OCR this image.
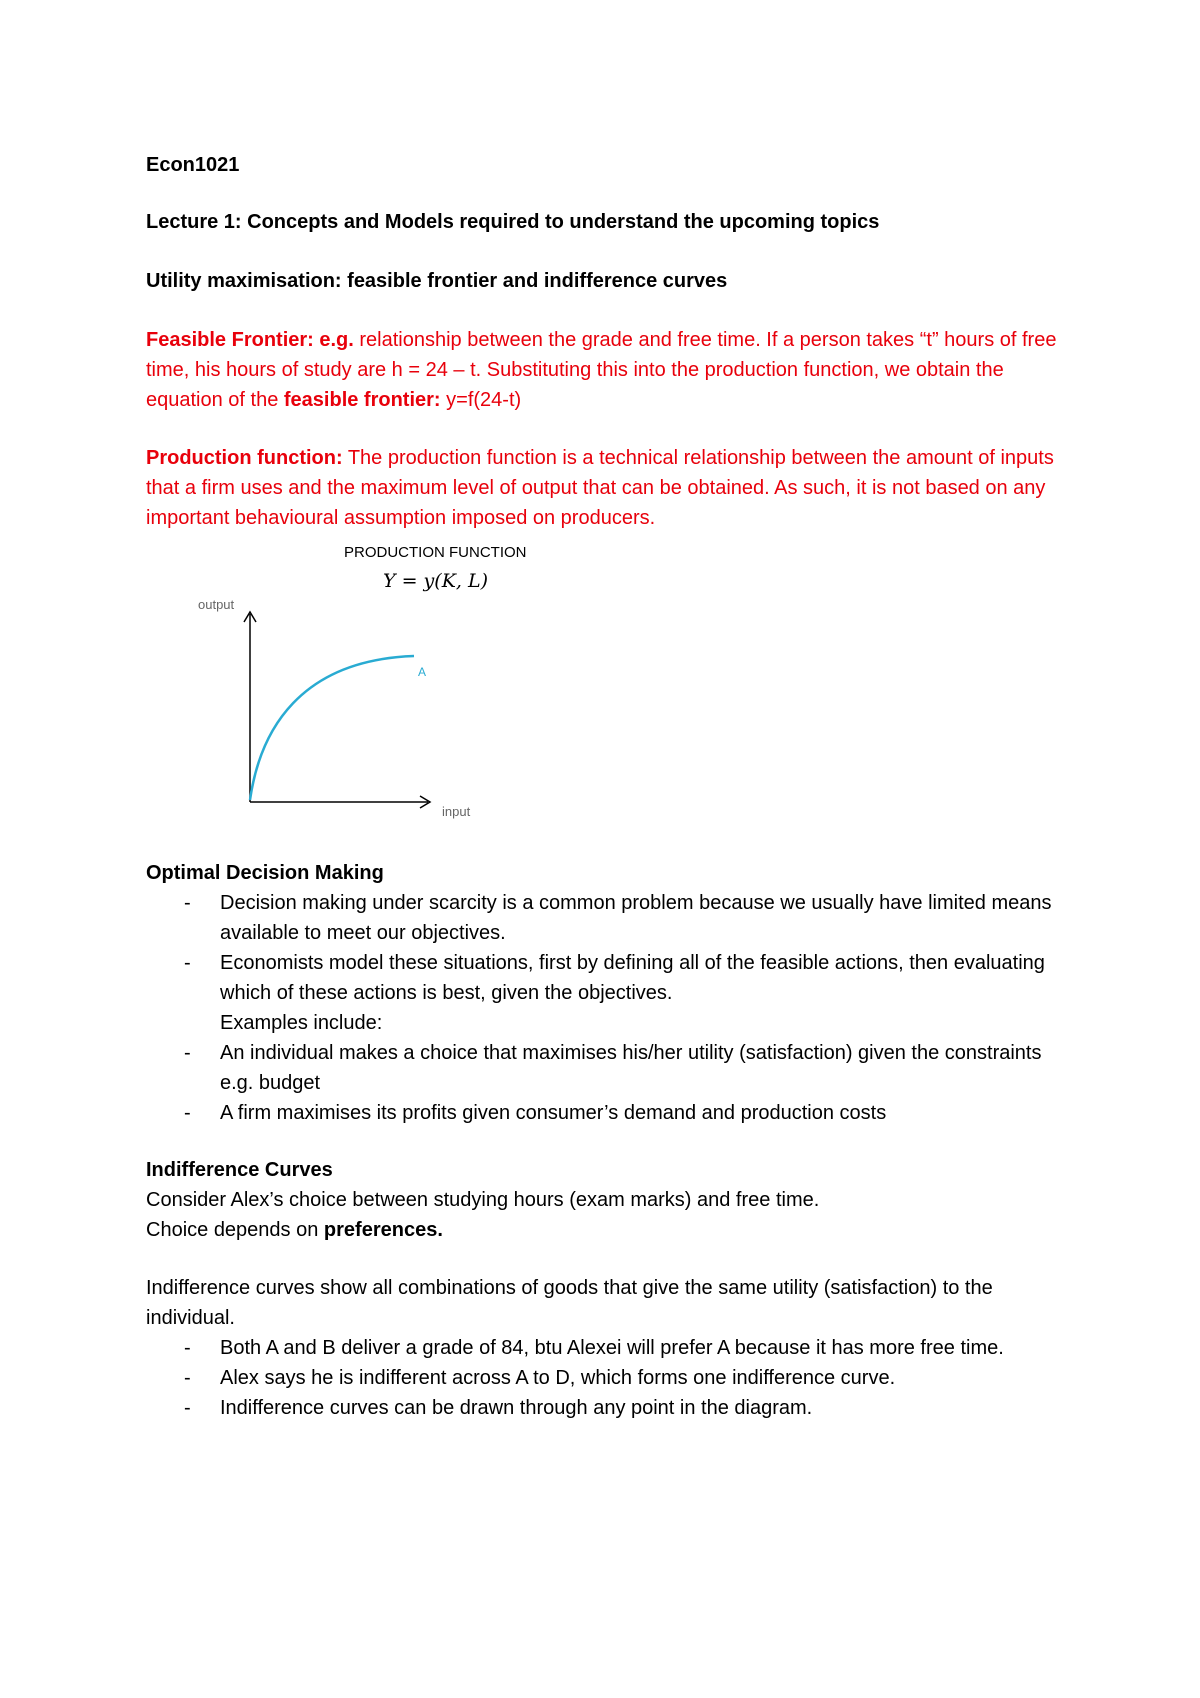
Econ1021
Lecture 1: Concepts and Models required to understand the upcoming topics
Utility maximisation: feasible frontier and indifference curves
Feasible Frontier: e.g. relationship between the grade and free time. If a person takes “t” hours of free time, his hours of study are h = 24 – t. Substituting this into the production function, we obtain the equation of the feasible frontier: y=f(24-t)
Production function: The production function is a technical relationship between the amount of inputs that a firm uses and the maximum level of output that can be obtained. As such, it is not based on any important behavioural assumption imposed on producers.
PRODUCTION FUNCTION
Y = y(K, L)
output
input
A
Optimal Decision Making
- Decision making under scarcity is a common problem because we usually have limited means available to meet our objectives.
- Economists model these situations, first by defining all of the feasible actions, then evaluating which of these actions is best, given the objectives.
Examples include:
- An individual makes a choice that maximises his/her utility (satisfaction) given the constraints e.g. budget
- A firm maximises its profits given consumer’s demand and production costs
Indifference Curves
Consider Alex’s choice between studying hours (exam marks) and free time.
Choice depends on preferences.
Indifference curves show all combinations of goods that give the same utility (satisfaction) to the individual.
- Both A and B deliver a grade of 84, btu Alexei will prefer A because it has more free time.
- Alex says he is indifferent across A to D, which forms one indifference curve.
- Indifference curves can be drawn through any point in the diagram.
